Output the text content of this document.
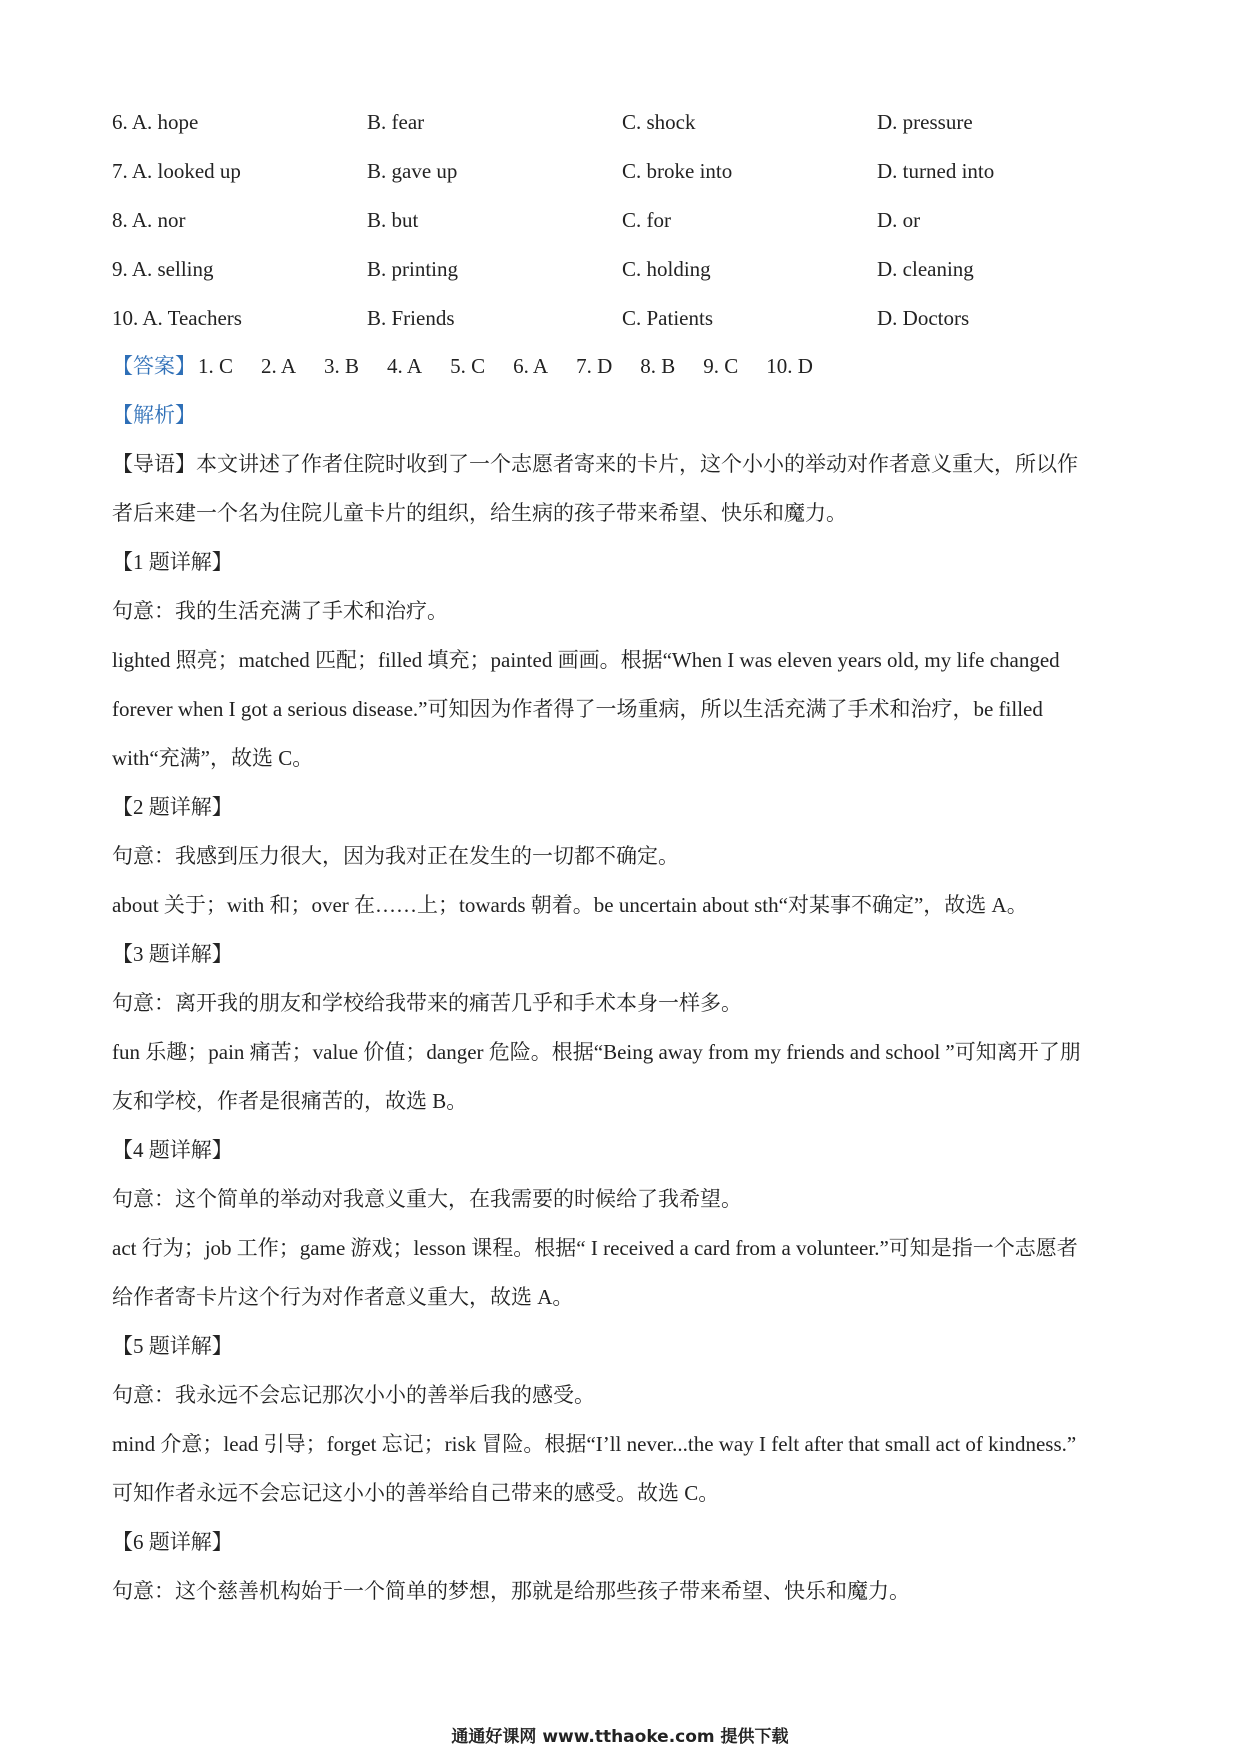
6. A. hope	B. fear	C. shock	D. pressure
7. A. looked up	B. gave up	C. broke into	D. turned into
8. A. nor	B. but	C. for	D. or
9. A. selling	B. printing	C. holding	D. cleaning
10. A. Teachers	B. Friends	C. Patients	D. Doctors
【答案】 1. C 2. A 3. B 4. A 5. C 6. A 7. D 8. B 9. C 10. D
【解析】
【导语】本文讲述了作者住院时收到了一个志愿者寄来的卡片，这个小小的举动对作者意义重大，所以作
者后来建一个名为住院儿童卡片的组织，给生病的孩子带来希望、快乐和魔力。
【1 题详解】
句意：我的生活充满了手术和治疗。
lighted 照亮；matched 匹配；filled 填充；painted 画画。根据“When I was eleven years old, my life changed
forever when I got a serious disease.”可知因为作者得了一场重病，所以生活充满了手术和治疗，be filled
with“充满”，故选 C。
【2 题详解】
句意：我感到压力很大，因为我对正在发生的一切都不确定。
about 关于；with 和；over 在……上；towards 朝着。be uncertain about sth“对某事不确定”，故选 A。
【3 题详解】
句意：离开我的朋友和学校给我带来的痛苦几乎和手术本身一样多。
fun 乐趣；pain 痛苦；value 价值；danger 危险。根据“Being away from my friends and school ”可知离开了朋
友和学校，作者是很痛苦的，故选 B。
【4 题详解】
句意：这个简单的举动对我意义重大，在我需要的时候给了我希望。
act 行为；job 工作；game 游戏；lesson 课程。根据“ I received a card from a volunteer.”可知是指一个志愿者
给作者寄卡片这个行为对作者意义重大，故选 A。
【5 题详解】
句意：我永远不会忘记那次小小的善举后我的感受。
mind 介意；lead 引导；forget 忘记；risk 冒险。根据“I’ll never...the way I felt after that small act of kindness.”
可知作者永远不会忘记这小小的善举给自己带来的感受。故选 C。
【6 题详解】
句意：这个慈善机构始于一个简单的梦想，那就是给那些孩子带来希望、快乐和魔力。
通通好课网 www.tthaoke.com 提供下载
